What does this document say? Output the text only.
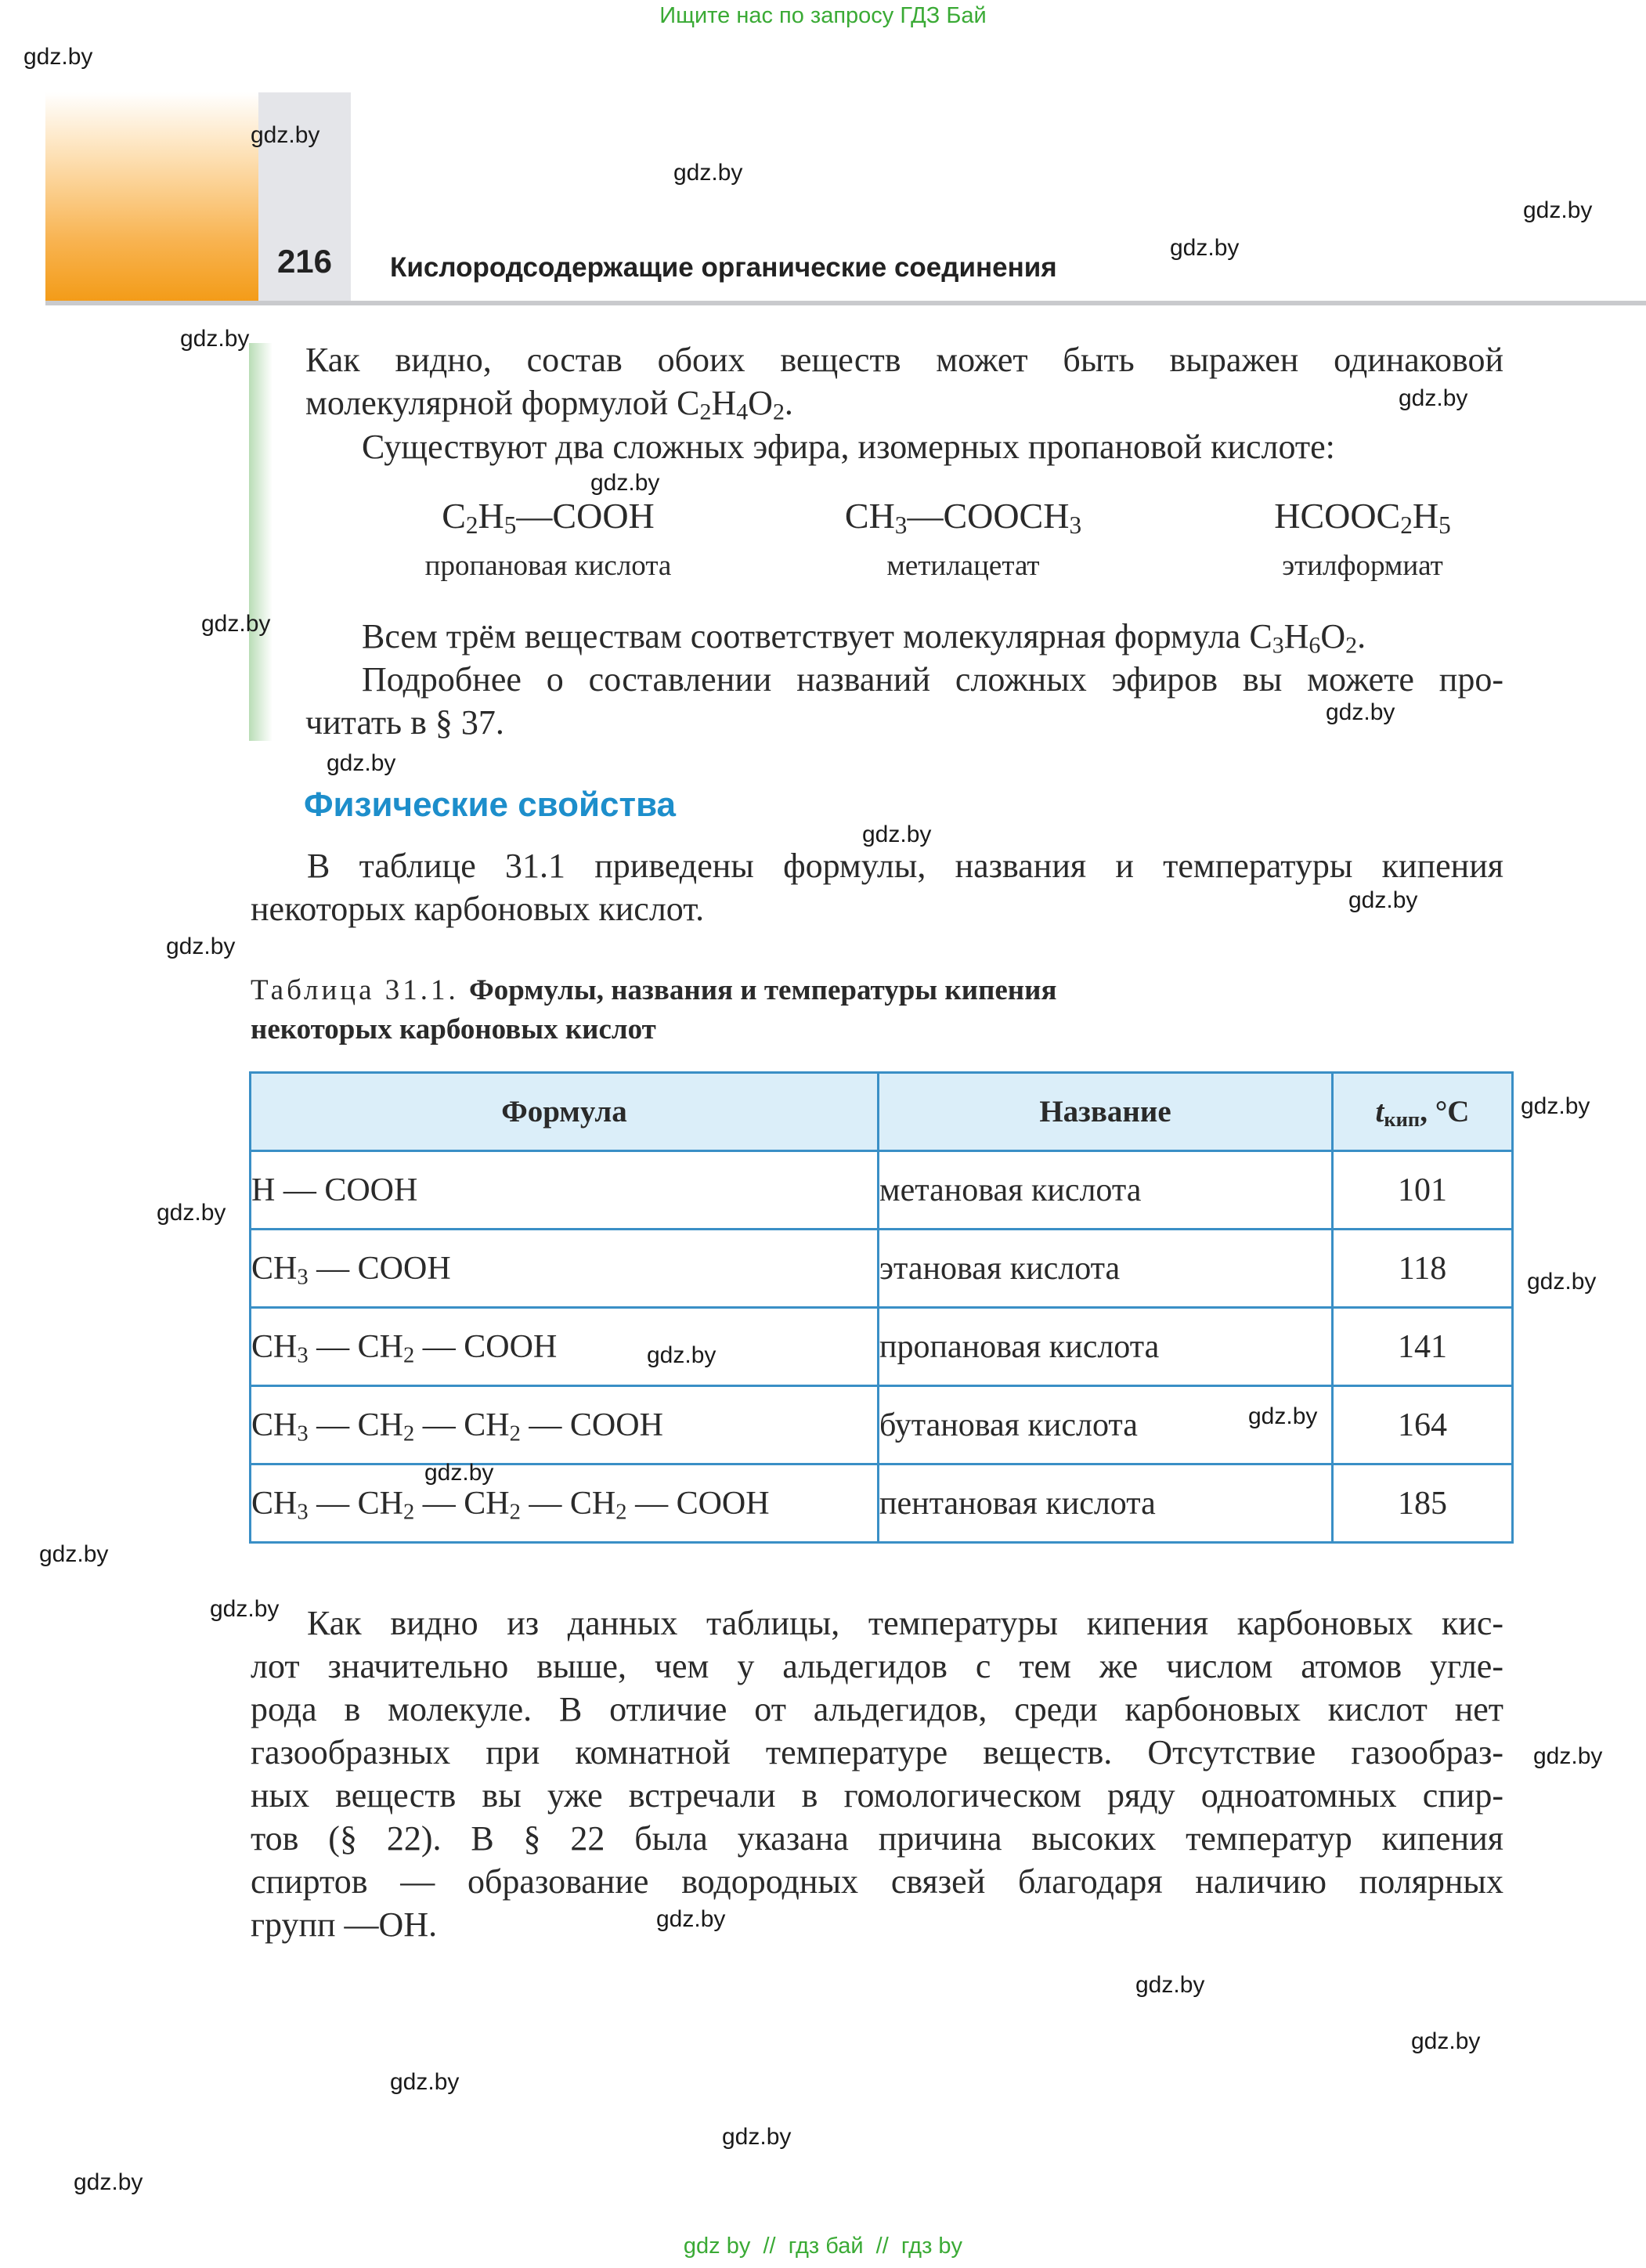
Ищите нас по запросу ГДЗ Бай
216	Кислородсодержащие органические соединения
Как видно, состав обоих веществ может быть выражен одинаковой
молекулярной формулой $C_2H_4O_2$.
Существуют два сложных эфира, изомерных пропановой кислоте:
$C_2H_5—COOH$	$CH_3—COOCH_3$	$HCOOC_2H_5$
пропановая кислота	метилацетат	этилформиат
Всем трём веществам соответствует молекулярная формула $C_3H_6O_2$.
Подробнее о составлении названий сложных эфиров вы можете про-
читать в § 37.
Физические свойства
В таблице 31.1 приведены формулы, названия и температуры кипения
некоторых карбоновых кислот.
Таблица 31.1. Формулы, названия и температуры кипения
некоторых карбоновых кислот
Формула	Название	$t_{кип}$, °C
H — COOH	метановая кислота	101
$CH_3$ — COOH	этановая кислота	118
$CH_3$ — $CH_2$ — COOH	пропановая кислота	141
$CH_3$ — $CH_2$ — $CH_2$ — COOH	бутановая кислота	164
$CH_3$ — $CH_2$ — $CH_2$ — $CH_2$ — COOH	пентановая кислота	185
Как видно из данных таблицы, температуры кипения карбоновых кис-
лот значительно выше, чем у альдегидов с тем же числом атомов угле-
рода в молекуле. В отличие от альдегидов, среди карбоновых кислот нет
газообразных при комнатной температуре веществ. Отсутствие газообраз-
ных веществ вы уже встречали в гомологическом ряду одноатомных спир-
тов (§ 22). В § 22 была указана причина высоких температур кипения
спиртов — образование водородных связей благодаря наличию полярных
групп —OH.
gdz.by
gdz.by
gdz.by
gdz.by
gdz.by
gdz.by
gdz.by
gdz.by
gdz.by
gdz.by
gdz.by
gdz.by
gdz.by
gdz.by
gdz.by
gdz.by
gdz.by
gdz.by
gdz.by
gdz.by
gdz.by
gdz.by
gdz.by
gdz.by
gdz.by
gdz.by
gdz.by
gdz.by
gdz.by
gdz by  //  гдз бай  //  гдз by
